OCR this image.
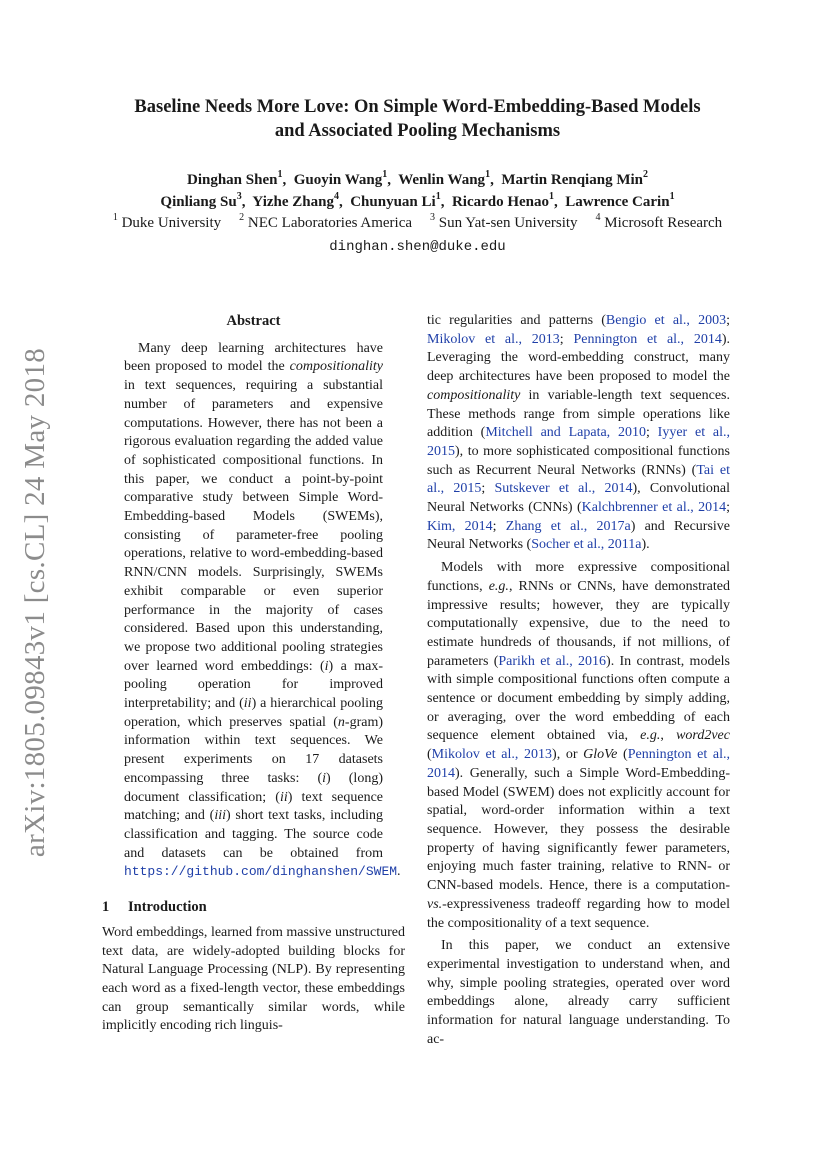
arXiv:1805.09843v1 [cs.CL] 24 May 2018
Baseline Needs More Love: On Simple Word-Embedding-Based Models
and Associated Pooling Mechanisms
Dinghan Shen$^1$,  Guoyin Wang$^1$,  Wenlin Wang$^1$,  Martin Renqiang Min$^2$
Qinliang Su$^3$,  Yizhe Zhang$^4$,  Chunyuan Li$^1$,  Ricardo Henao$^1$,  Lawrence Carin$^1$
$^1$ Duke University $^2$ NEC Laboratories America $^3$ Sun Yat-sen University $^4$ Microsoft Research
dinghan.shen@duke.edu
Abstract

Many deep learning architectures have been proposed to model the compositionality in text sequences, requiring a substantial number of parameters and expensive computations. However, there has not been a rigorous evaluation regarding the added value of sophisticated compositional functions. In this paper, we conduct a point-by-point comparative study between Simple Word-Embedding-based Models (SWEMs), consisting of parameter-free pooling operations, relative to word-embedding-based RNN/CNN models. Surprisingly, SWEMs exhibit comparable or even superior performance in the majority of cases considered. Based upon this understanding, we propose two additional pooling strategies over learned word embeddings: (i) a max-pooling operation for improved interpretability; and (ii) a hierarchical pooling operation, which preserves spatial (n-gram) information within text sequences. We present experiments on 17 datasets encompassing three tasks: (i) (long) document classification; (ii) text sequence matching; and (iii) short text tasks, including classification and tagging. The source code and datasets can be obtained from https://github.com/dinghanshen/SWEM.

1 Introduction

Word embeddings, learned from massive unstructured text data, are widely-adopted building blocks for Natural Language Processing (NLP). By representing each word as a fixed-length vector, these embeddings can group semantically similar words, while implicitly encoding rich linguis-

tic regularities and patterns (Bengio et al., 2003; Mikolov et al., 2013; Pennington et al., 2014). Leveraging the word-embedding construct, many deep architectures have been proposed to model the compositionality in variable-length text sequences. These methods range from simple operations like addition (Mitchell and Lapata, 2010; Iyyer et al., 2015), to more sophisticated compositional functions such as Recurrent Neural Networks (RNNs) (Tai et al., 2015; Sutskever et al., 2014), Convolutional Neural Networks (CNNs) (Kalchbrenner et al., 2014; Kim, 2014; Zhang et al., 2017a) and Recursive Neural Networks (Socher et al., 2011a).

Models with more expressive compositional functions, e.g., RNNs or CNNs, have demonstrated impressive results; however, they are typically computationally expensive, due to the need to estimate hundreds of thousands, if not millions, of parameters (Parikh et al., 2016). In contrast, models with simple compositional functions often compute a sentence or document embedding by simply adding, or averaging, over the word embedding of each sequence element obtained via, e.g., word2vec (Mikolov et al., 2013), or GloVe (Pennington et al., 2014). Generally, such a Simple Word-Embedding-based Model (SWEM) does not explicitly account for spatial, word-order information within a text sequence. However, they possess the desirable property of having significantly fewer parameters, enjoying much faster training, relative to RNN- or CNN-based models. Hence, there is a computation-vs.-expressiveness tradeoff regarding how to model the compositionality of a text sequence.

In this paper, we conduct an extensive experimental investigation to understand when, and why, simple pooling strategies, operated over word embeddings alone, already carry sufficient information for natural language understanding. To ac-
